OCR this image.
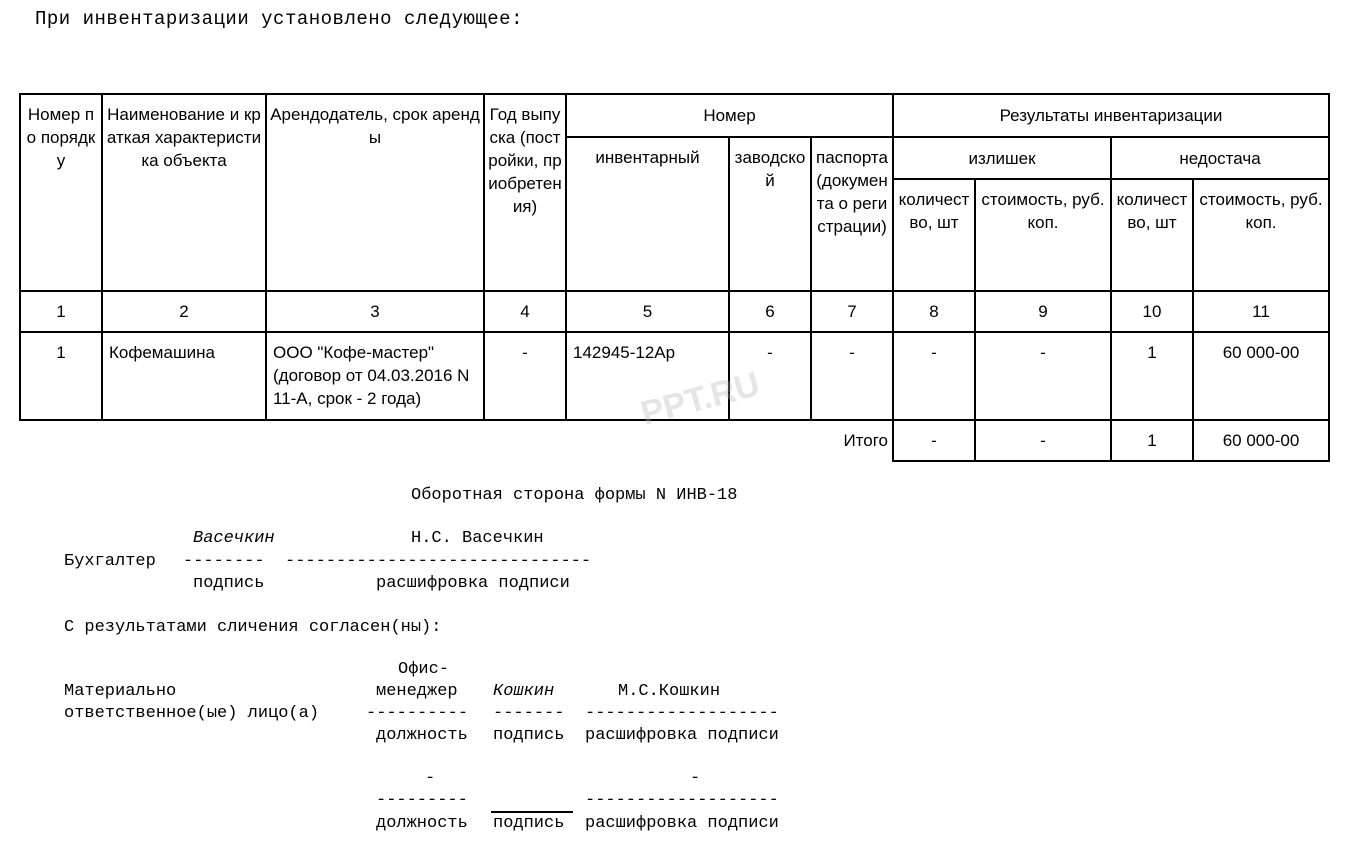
При инвентаризации установлено следующее:
Номер по порядку	Наименование и краткая характеристика объекта	Арендодатель, срок аренды	Год выпуска (постройки, приобретения)	Номер			Результаты инвентаризации			
				инвентарный	заводской	паспорта (документа о регистрации)	излишек		недостача	
							количество, шт	стоимость, руб. коп.	количество, шт	стоимость, руб. коп.
1	2	3	4	5	6	7	8	9	10	11
1	Кофемашина	ООО "Кофе-мастер" (договор от 04.03.2016 N 11-А, срок - 2 года)	-	142945-12Ар	-	-	-	-	1	60 000-00
Итого							-	-	1	60 000-00
PPT.RU
Оборотная сторона формы N ИНВ-18
Васечкин	Н.С. Васечкин
Бухгалтер -------- ------------------------------
подпись	расшифровка подписи
С результатами сличения согласен(ны):
Офис-
Материально	менеджер Кошкин	М.С.Кошкин
ответственное(ые) лицо(а)	---------- ------- -------------------
должность подпись расшифровка подписи
-	-
---------	-------------------
должность подпись расшифровка подписи
